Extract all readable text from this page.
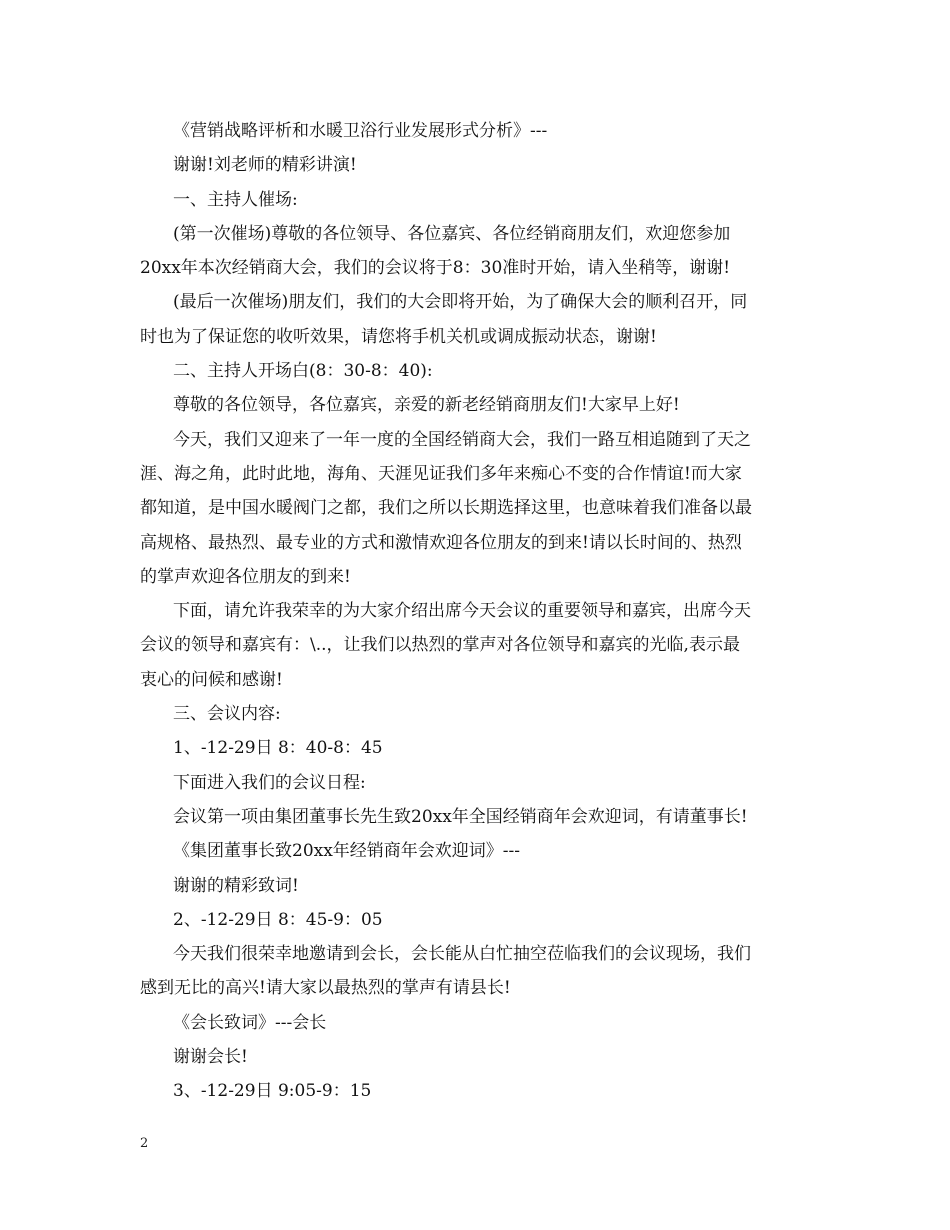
《营销战略评析和水暖卫浴行业发展形式分析》---
谢谢!刘老师的精彩讲演!
一、主持人催场:
(第一次催场)尊敬的各位领导、各位嘉宾、各位经销商朋友们，欢迎您参加
20xx年本次经销商大会，我们的会议将于8：30准时开始，请入坐稍等，谢谢!
(最后一次催场)朋友们，我们的大会即将开始，为了确保大会的顺利召开，同
时也为了保证您的收听效果，请您将手机关机或调成振动状态，谢谢!
二、主持人开场白(8：30-8：40):
尊敬的各位领导，各位嘉宾，亲爱的新老经销商朋友们!大家早上好!
今天，我们又迎来了一年一度的全国经销商大会，我们一路互相追随到了天之
涯、海之角，此时此地，海角、天涯见证我们多年来痴心不变的合作情谊!而大家
都知道，是中国水暖阀门之都，我们之所以长期选择这里，也意味着我们准备以最
高规格、最热烈、最专业的方式和激情欢迎各位朋友的到来!请以长时间的、热烈
的掌声欢迎各位朋友的到来!
下面，请允许我荣幸的为大家介绍出席今天会议的重要领导和嘉宾，出席今天
会议的领导和嘉宾有：\..，让我们以热烈的掌声对各位领导和嘉宾的光临,表示最
衷心的问候和感谢!
三、会议内容:
1、-12-29日 8：40-8：45
下面进入我们的会议日程:
会议第一项由集团董事长先生致20xx年全国经销商年会欢迎词，有请董事长!
《集团董事长致20xx年经销商年会欢迎词》---
谢谢的精彩致词!
2、-12-29日 8：45-9：05
今天我们很荣幸地邀请到会长，会长能从白忙抽空莅临我们的会议现场，我们
感到无比的高兴!请大家以最热烈的掌声有请县长!
《会长致词》---会长
谢谢会长!
3、-12-29日 9:05-9：15
2
